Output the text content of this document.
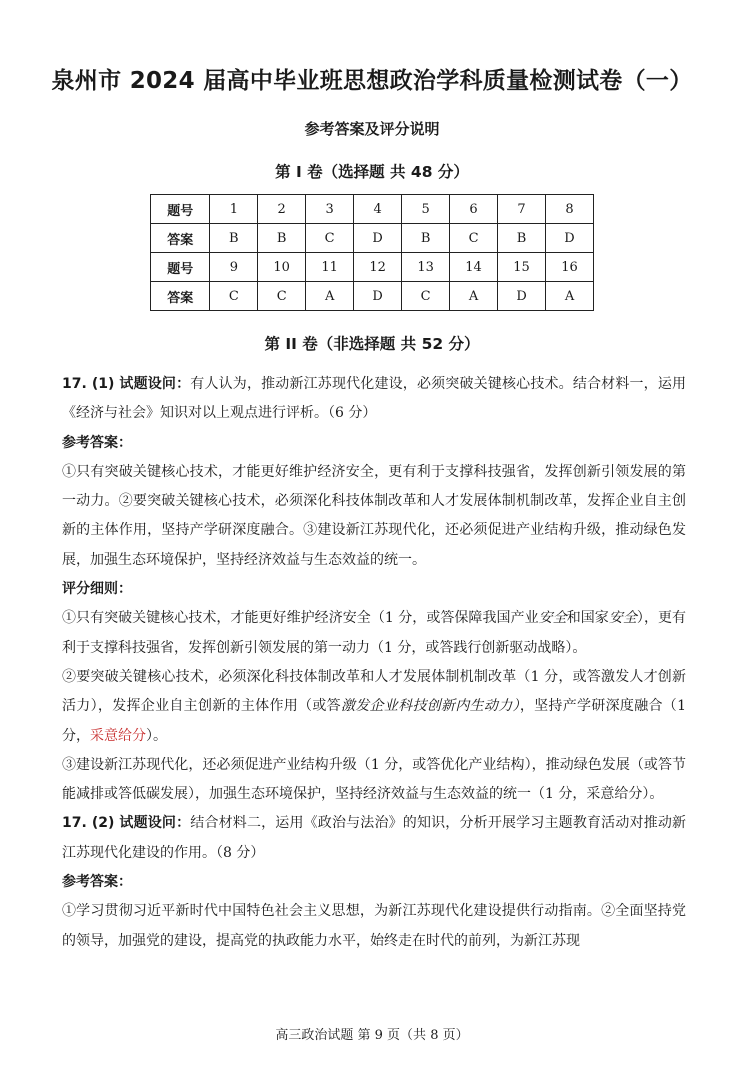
泉州市 2024 届高中毕业班思想政治学科质量检测试卷（一）
参考答案及评分说明
第 I 卷（选择题 共 48 分）
题号	1	2	3	4	5	6	7	8
答案	B	B	C	D	B	C	B	D
题号	9	10	11	12	13	14	15	16
答案	C	C	A	D	C	A	D	A
第 II 卷（非选择题 共 52 分）

17. (1) 试题设问：有人认为，推动新江苏现代化建设，必须突破关键核心技术。结合材料一，运用《经济与社会》知识对以上观点进行评析。（6 分）

参考答案：

①只有突破关键核心技术，才能更好维护经济安全，更有利于支撑科技强省，发挥创新引领发展的第一动力。②要突破关键核心技术，必须深化科技体制改革和人才发展体制机制改革，发挥企业自主创新的主体作用，坚持产学研深度融合。③建设新江苏现代化，还必须促进产业结构升级，推动绿色发展，加强生态环境保护，坚持经济效益与生态效益的统一。

评分细则：

①只有突破关键核心技术，才能更好维护经济安全（1 分，或答保障我国产业安全和国家安全），更有利于支撑科技强省，发挥创新引领发展的第一动力（1 分，或答践行创新驱动战略）。

②要突破关键核心技术，必须深化科技体制改革和人才发展体制机制改革（1 分，或答激发人才创新活力），发挥企业自主创新的主体作用（或答激发企业科技创新内生动力），坚持产学研深度融合（1 分，采意给分）。

③建设新江苏现代化，还必须促进产业结构升级（1 分，或答优化产业结构），推动绿色发展（或答节能减排或答低碳发展），加强生态环境保护，坚持经济效益与生态效益的统一（1 分，采意给分）。

17. (2) 试题设问：结合材料二，运用《政治与法治》的知识，分析开展学习主题教育活动对推动新江苏现代化建设的作用。（8 分）

参考答案：

①学习贯彻习近平新时代中国特色社会主义思想，为新江苏现代化建设提供行动指南。②全面坚持党的领导，加强党的建设，提高党的执政能力水平，始终走在时代的前列，为新江苏现

高三政治试题 第 9 页（共 8 页）
